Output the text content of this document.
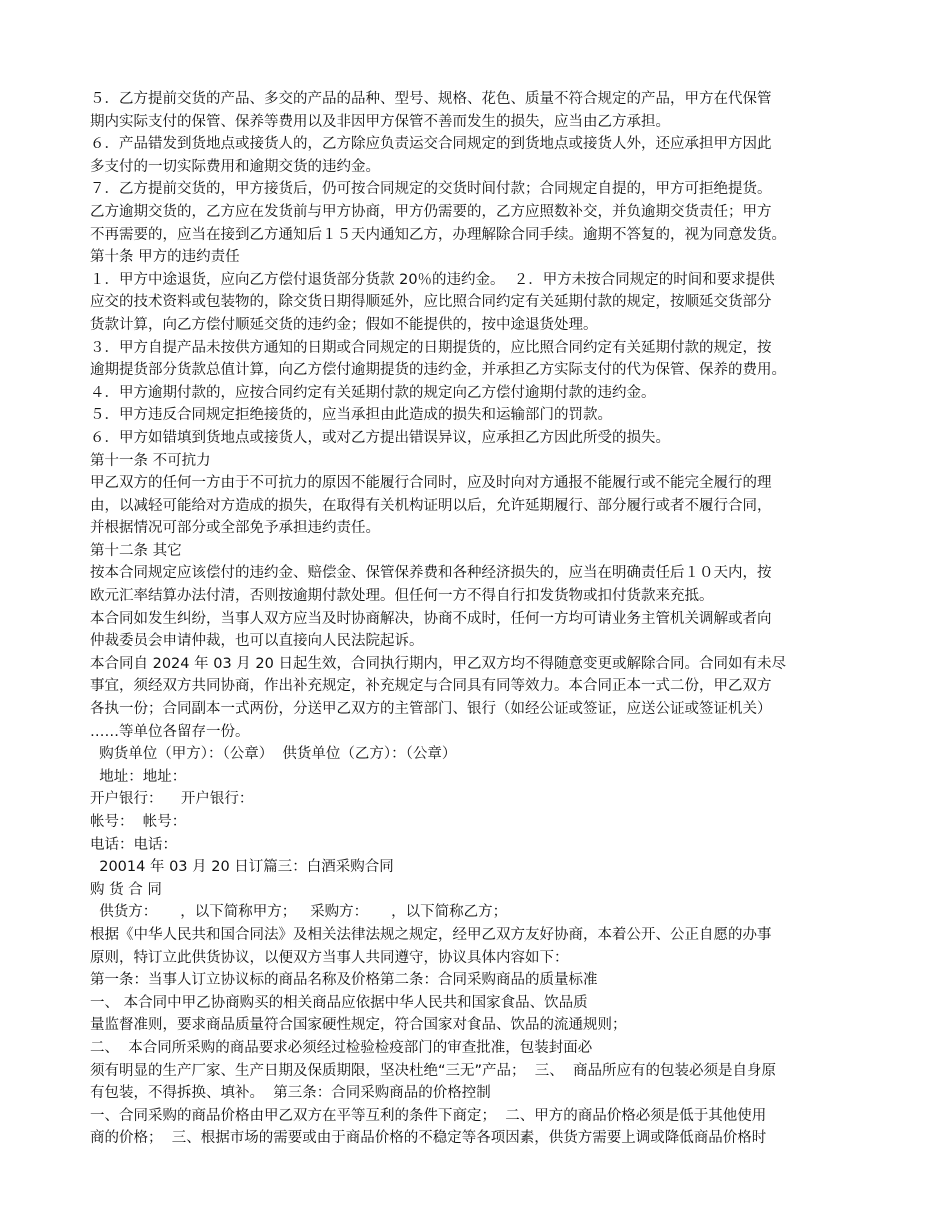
５．乙方提前交货的产品、多交的产品的品种、型号、规格、花色、质量不符合规定的产品，甲方在代保管
期内实际支付的保管、保养等费用以及非因甲方保管不善而发生的损失，应当由乙方承担。
６．产品错发到货地点或接货人的，乙方除应负责运交合同规定的到货地点或接货人外，还应承担甲方因此
多支付的一切实际费用和逾期交货的违约金。
７．乙方提前交货的，甲方接货后，仍可按合同规定的交货时间付款；合同规定自提的，甲方可拒绝提货。
乙方逾期交货的，乙方应在发货前与甲方协商，甲方仍需要的，乙方应照数补交，并负逾期交货责任；甲方
不再需要的，应当在接到乙方通知后１５天内通知乙方，办理解除合同手续。逾期不答复的，视为同意发货。
第十条 甲方的违约责任
１．甲方中途退货，应向乙方偿付退货部分货款 20％的违约金。  ２．甲方未按合同规定的时间和要求提供
应交的技术资料或包装物的，除交货日期得顺延外，应比照合同约定有关延期付款的规定，按顺延交货部分
货款计算，向乙方偿付顺延交货的违约金；假如不能提供的，按中途退货处理。
３．甲方自提产品未按供方通知的日期或合同规定的日期提货的，应比照合同约定有关延期付款的规定，按
逾期提货部分货款总值计算，向乙方偿付逾期提货的违约金，并承担乙方实际支付的代为保管、保养的费用。
４．甲方逾期付款的，应按合同约定有关延期付款的规定向乙方偿付逾期付款的违约金。
５．甲方违反合同规定拒绝接货的，应当承担由此造成的损失和运输部门的罚款。
６．甲方如错填到货地点或接货人，或对乙方提出错误异议，应承担乙方因此所受的损失。
第十一条 不可抗力
甲乙双方的任何一方由于不可抗力的原因不能履行合同时，应及时向对方通报不能履行或不能完全履行的理
由，以减轻可能给对方造成的损失，在取得有关机构证明以后，允许延期履行、部分履行或者不履行合同，
并根据情况可部分或全部免予承担违约责任。
第十二条 其它
按本合同规定应该偿付的违约金、赔偿金、保管保养费和各种经济损失的，应当在明确责任后１０天内，按
欧元汇率结算办法付清，否则按逾期付款处理。但任何一方不得自行扣发货物或扣付货款来充抵。
本合同如发生纠纷，当事人双方应当及时协商解决，协商不成时，任何一方均可请业务主管机关调解或者向
仲裁委员会申请仲裁，也可以直接向人民法院起诉。
本合同自 2024 年 03 月 20 日起生效，合同执行期内，甲乙双方均不得随意变更或解除合同。合同如有未尽
事宜，须经双方共同协商，作出补充规定，补充规定与合同具有同等效力。本合同正本一式二份，甲乙双方
各执一份；合同副本一式两份，分送甲乙双方的主管部门、银行（如经公证或签证，应送公证或签证机关）
……等单位各留存一份。
购货单位（甲方）：（公章）  供货单位（乙方）：（公章）
地址：地址：
开户银行：    开户银行：
帐号：  帐号：
电话：电话：
20014 年 03 月 20 日订篇三：白酒采购合同
购 货 合 同
供货方：     ，以下简称甲方；   采购方：     ，以下简称乙方；
根据《中华人民共和国合同法》及相关法律法规之规定，经甲乙双方友好协商，本着公开、公正自愿的办事
原则，特订立此供货协议，以便双方当事人共同遵守，协议具体内容如下：
第一条：当事人订立协议标的商品名称及价格第二条：合同采购商品的质量标准
一、 本合同中甲乙协商购买的相关商品应依据中华人民共和国家食品、饮品质
量监督准则，要求商品质量符合国家硬性规定，符合国家对食品、饮品的流通规则；
二、  本合同所采购的商品要求必须经过检验检疫部门的审查批准，包装封面必
须有明显的生产厂家、生产日期及保质期限，坚决杜绝“三无”产品；  三、  商品所应有的包装必须是自身原
有包装，不得拆换、填补。  第三条：合同采购商品的价格控制
一、合同采购的商品价格由甲乙双方在平等互利的条件下商定；  二、甲方的商品价格必须是低于其他使用
商的价格；  三、根据市场的需要或由于商品价格的不稳定等各项因素，供货方需要上调或降低商品价格时
